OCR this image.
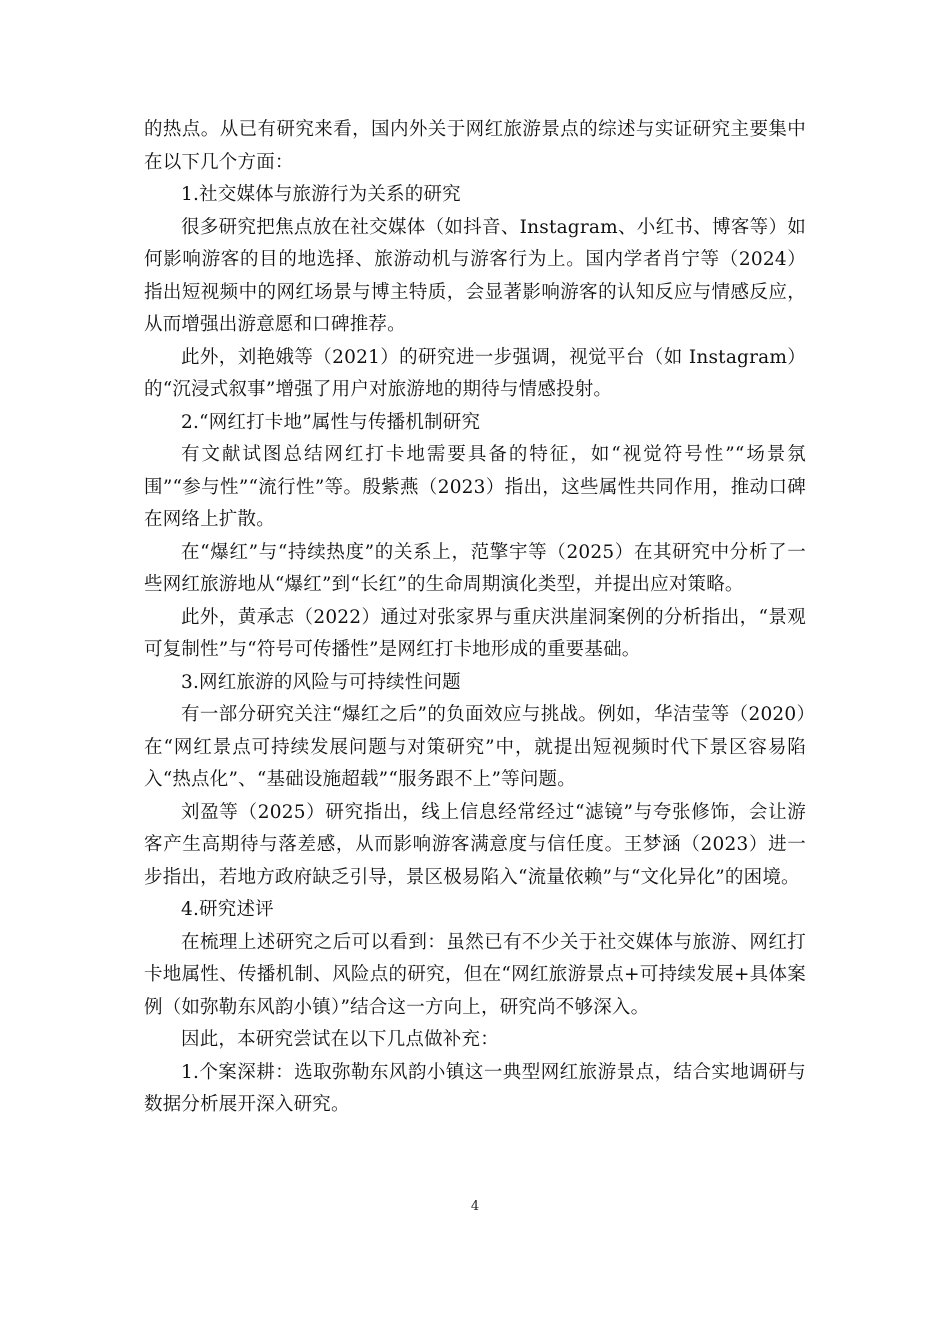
的热点。从已有研究来看，国内外关于网红旅游景点的综述与实证研究主要集中在以下几个方面：

1.社交媒体与旅游行为关系的研究

很多研究把焦点放在社交媒体（如抖音、Instagram、小红书、博客等）如何影响游客的目的地选择、旅游动机与游客行为上。国内学者肖宁等（2024）指出短视频中的网红场景与博主特质，会显著影响游客的认知反应与情感反应，从而增强出游意愿和口碑推荐。

此外，刘艳娥等（2021）的研究进一步强调，视觉平台（如 Instagram）的“沉浸式叙事”增强了用户对旅游地的期待与情感投射。

2.“网红打卡地”属性与传播机制研究

有文献试图总结网红打卡地需要具备的特征，如“视觉符号性”“场景氛围”“参与性”“流行性”等。殷紫燕（2023）指出，这些属性共同作用，推动口碑在网络上扩散。

在“爆红”与“持续热度”的关系上，范擎宇等（2025）在其研究中分析了一些网红旅游地从“爆红”到“长红”的生命周期演化类型，并提出应对策略。

此外，黄承志（2022）通过对张家界与重庆洪崖洞案例的分析指出，“景观可复制性”与“符号可传播性”是网红打卡地形成的重要基础。

3.网红旅游的风险与可持续性问题

有一部分研究关注“爆红之后”的负面效应与挑战。例如，华洁莹等（2020）在“网红景点可持续发展问题与对策研究”中，就提出短视频时代下景区容易陷入“热点化”、“基础设施超载”“服务跟不上”等问题。

刘盈等（2025）研究指出，线上信息经常经过“滤镜”与夸张修饰，会让游客产生高期待与落差感，从而影响游客满意度与信任度。王梦涵（2023）进一步指出，若地方政府缺乏引导，景区极易陷入“流量依赖”与“文化异化”的困境。

4.研究述评

在梳理上述研究之后可以看到：虽然已有不少关于社交媒体与旅游、网红打卡地属性、传播机制、风险点的研究，但在“网红旅游景点+可持续发展+具体案例（如弥勒东风韵小镇）”结合这一方向上，研究尚不够深入。

因此，本研究尝试在以下几点做补充：

1.个案深耕：选取弥勒东风韵小镇这一典型网红旅游景点，结合实地调研与数据分析展开深入研究。

4
